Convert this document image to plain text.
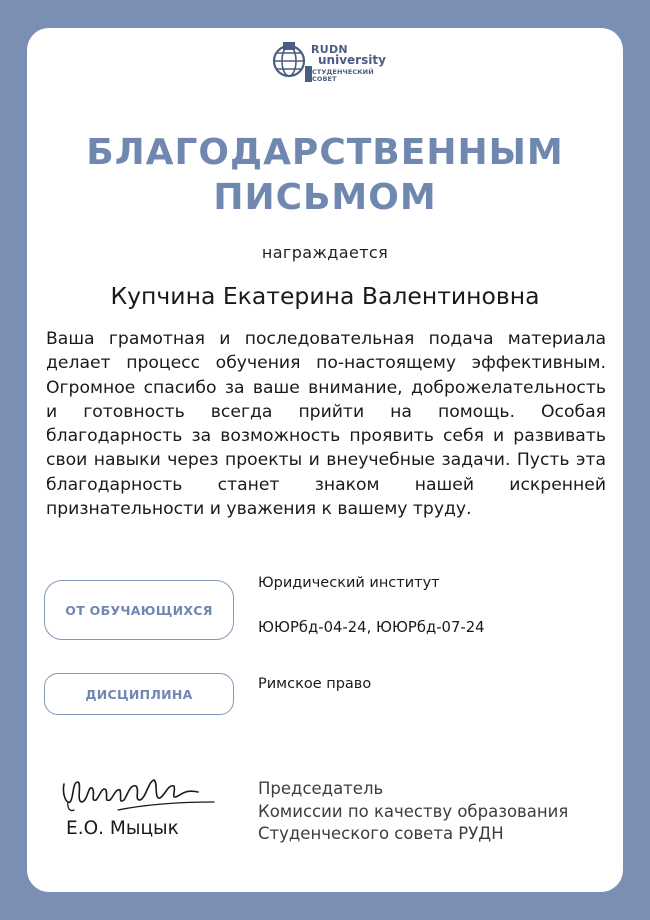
RUDN
university
СТУДЕНЧЕСКИЙ
СОВЕТ
БЛАГОДАРСТВЕННЫМ
ПИСЬМОМ
награждается
Купчина Екатерина Валентиновна
Ваша грамотная и последовательная подача материала делает процесс обучения по-настоящему эффективным. Огромное спасибо за ваше внимание, доброжелательность и готовность всегда прийти на помощь. Особая благодарность за возможность проявить себя и развивать свои навыки через проекты и внеучебные задачи. Пусть эта благодарность станет знаком нашей искренней признательности и уважения к вашему труду.
ОТ ОБУЧАЮЩИХСЯ
Юридический институт
ЮЮРбд-04-24, ЮЮРбд-07-24
ДИСЦИПЛИНА
Римское право
Е.О. Мыцык
Председатель
Комиссии по качеству образования
Студенческого совета РУДН
